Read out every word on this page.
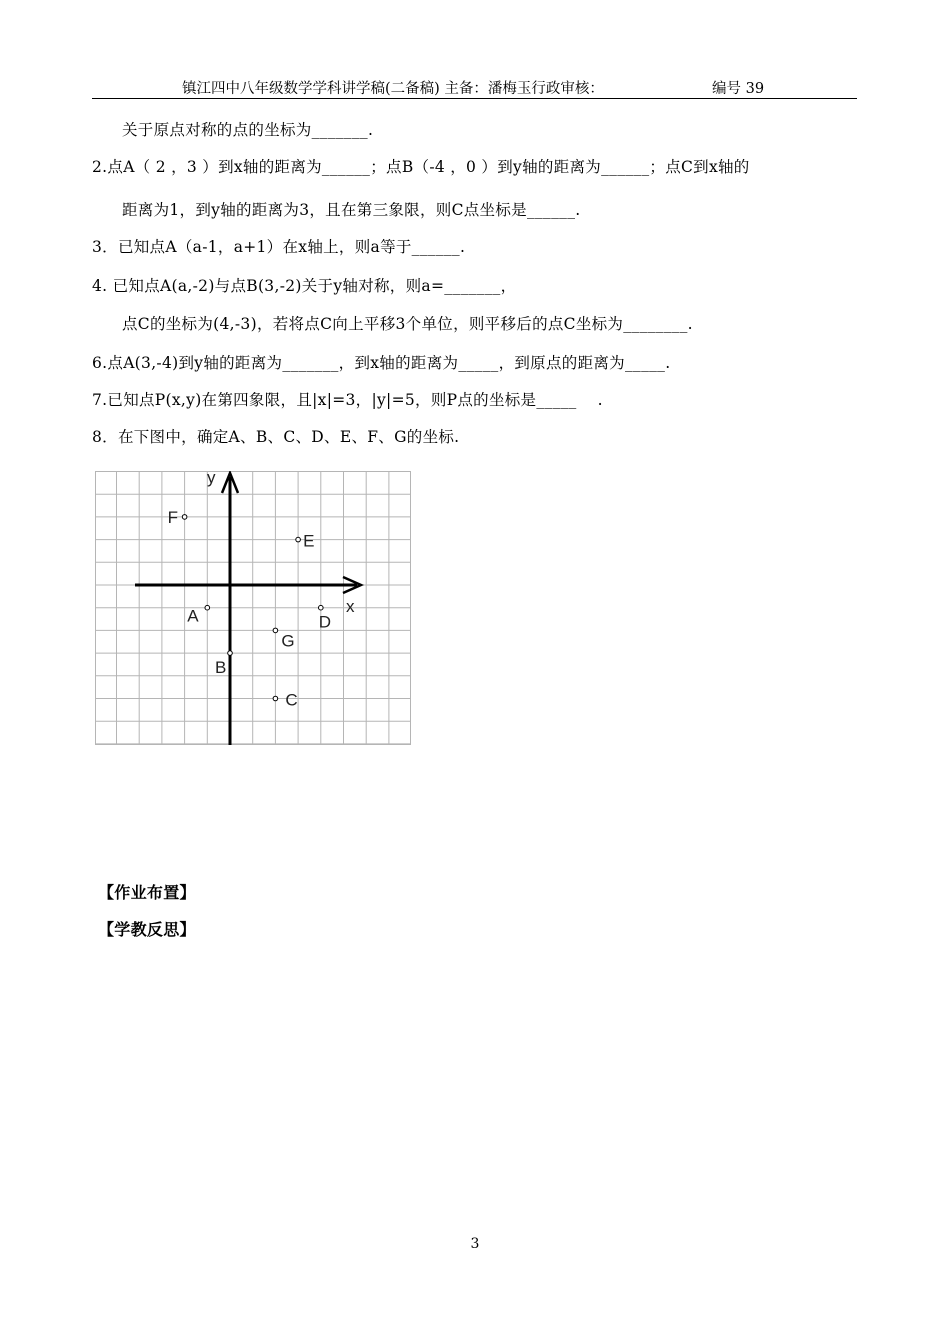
镇江四中八年级数学学科讲学稿(二备稿) 主备：潘梅玉行政审核：	编号 39
关于原点对称的点的坐标为_______.
2.点A（ 2 ，3 ）到x轴的距离为______；点B（-4 ，0 ）到y轴的距离为______；点C到x轴的
距离为1，到y轴的距离为3，且在第三象限，则C点坐标是______.
3．已知点A（a-1，a+1）在x轴上，则a等于______.
4. 已知点A(a,-2)与点B(3,-2)关于y轴对称，则a=_______，
点C的坐标为(4,-3)，若将点C向上平移3个单位，则平移后的点C坐标为________.
6.点A(3,-4)到y轴的距离为_______，到x轴的距离为_____，到原点的距离为_____.
7.已知点P(x,y)在第四象限，且|x|=3，|y|=5，则P点的坐标是_____　 .
8．在下图中，确定A、B、C、D、E、F、G的坐标.
x
y
A
B
C
D
E
F
G
【作业布置】
【学教反思】
3
